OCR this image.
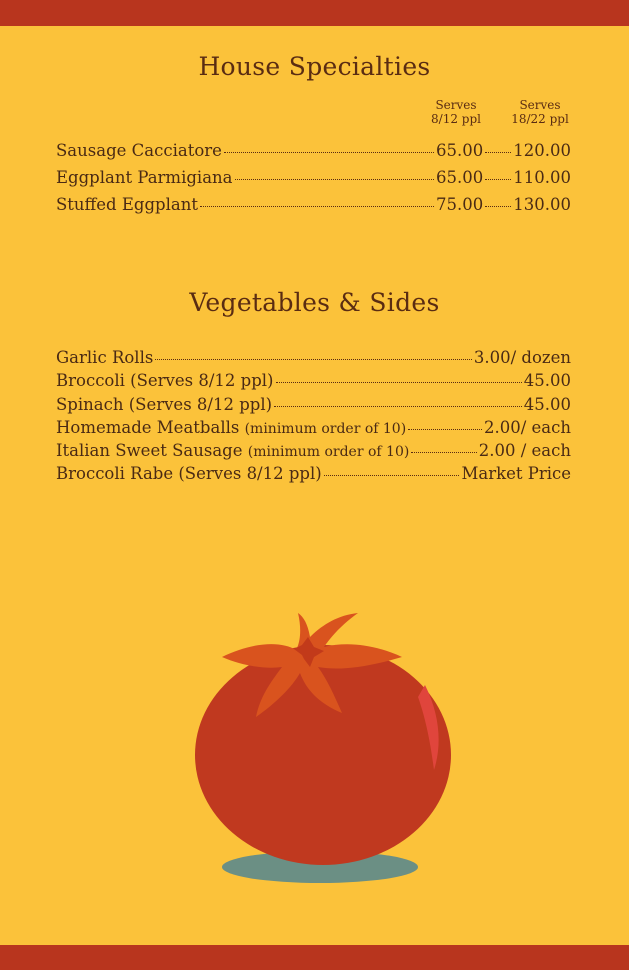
House Specialties
Serves
8/12 ppl
Serves
18/22 ppl
Sausage Cacciatore	65.00 120.00
Eggplant Parmigiana	65.00 110.00
Stuffed Eggplant	75.00 130.00
Vegetables & Sides
Garlic Rolls	3.00/ dozen
Broccoli (Serves 8/12 ppl)	45.00
Spinach (Serves 8/12 ppl)	45.00
Homemade Meatballs (minimum order of 10)	2.00/ each
Italian Sweet Sausage (minimum order of 10)	2.00 / each
Broccoli Rabe (Serves 8/12 ppl)	Market Price
